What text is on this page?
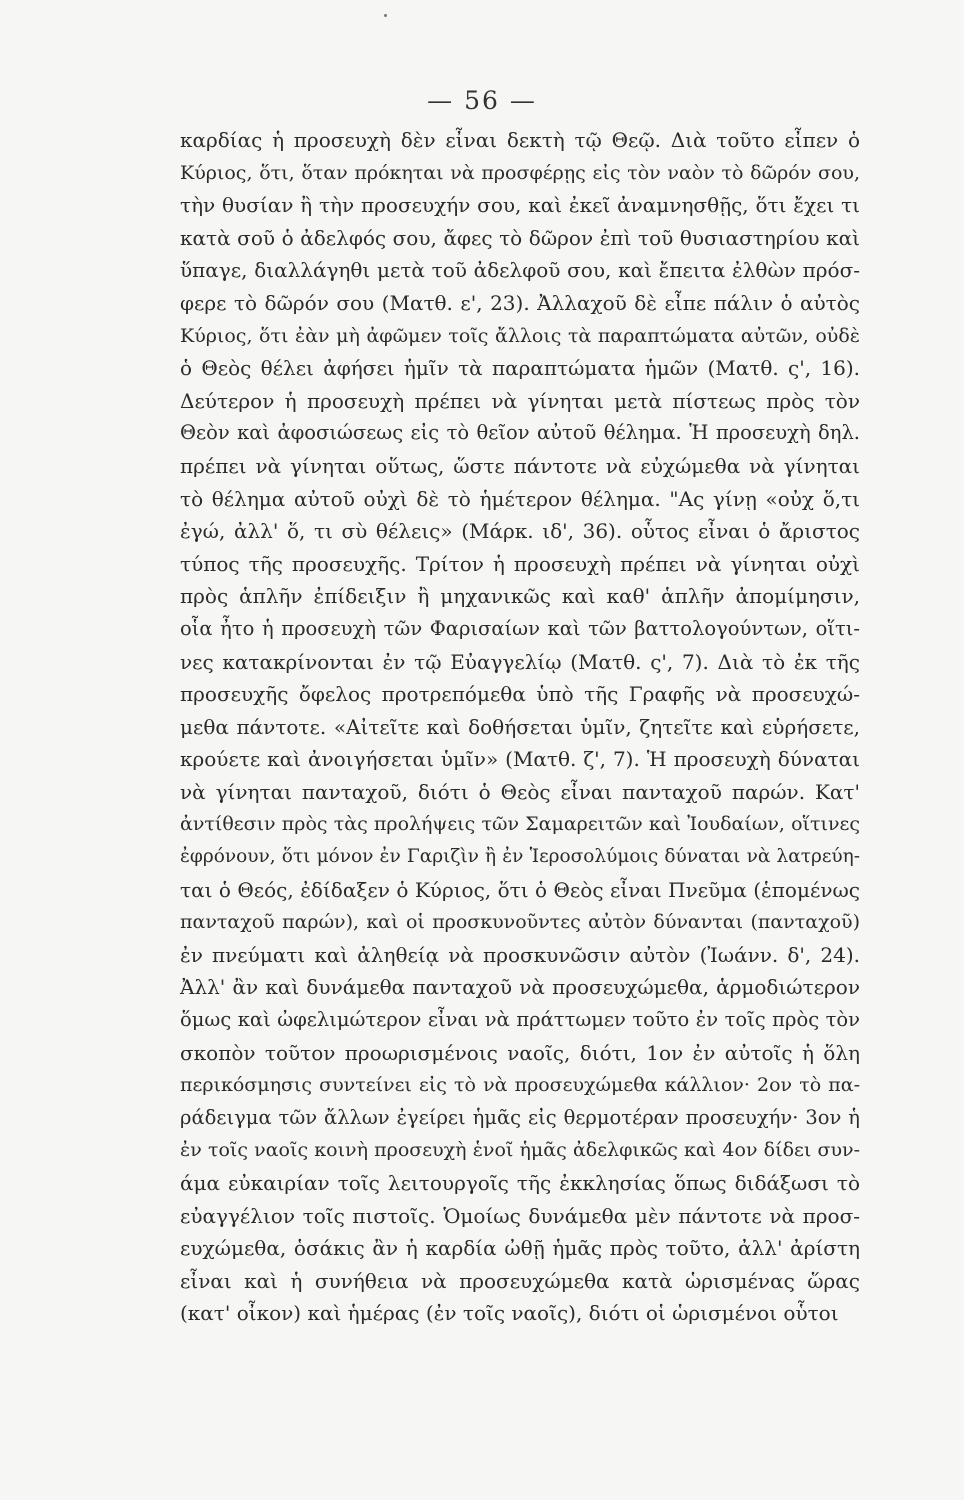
— 56 —
καρδίας ἡ προσευχὴ δὲν εἶναι δεκτὴ τῷ Θεῷ. Διὰ τοῦτο εἶπεν ὁ
Κύριος, ὅτι, ὅταν πρόκηται νὰ προσφέρῃς εἰς τὸν ναὸν τὸ δῶρόν σου,
τὴν θυσίαν ἢ τὴν προσευχήν σου, καὶ ἐκεῖ ἀναμνησθῇς, ὅτι ἔχει τι
κατὰ σοῦ ὁ ἀδελφός σου, ἄφες τὸ δῶρον ἐπὶ τοῦ θυσιαστηρίου καὶ
ὕπαγε, διαλλάγηθι μετὰ τοῦ ἀδελφοῦ σου, καὶ ἔπειτα ἐλθὼν πρόσ-
φερε τὸ δῶρόν σου (Ματθ. ε', 23). Ἀλλαχοῦ δὲ εἶπε πάλιν ὁ αὐτὸς
Κύριος, ὅτι ἐὰν μὴ ἀφῶμεν τοῖς ἄλλοις τὰ παραπτώματα αὐτῶν, οὐδὲ
ὁ Θεὸς θέλει ἀφήσει ἡμῖν τὰ παραπτώματα ἡμῶν (Ματθ. ς', 16).
Δεύτερον ἡ προσευχὴ πρέπει νὰ γίνηται μετὰ πίστεως πρὸς τὸν
Θεὸν καὶ ἀφοσιώσεως εἰς τὸ θεῖον αὐτοῦ θέλημα. Ἡ προσευχὴ δηλ.
πρέπει νὰ γίνηται οὕτως, ὥστε πάντοτε νὰ εὐχώμεθα νὰ γίνηται
τὸ θέλημα αὐτοῦ οὐχὶ δὲ τὸ ἡμέτερον θέλημα. "Ας γίνῃ «οὐχ ὅ,τι
ἐγώ, ἀλλ' ὅ, τι σὺ θέλεις» (Μάρκ. ιδ', 36). οὗτος εἶναι ὁ ἄριστος
τύπος τῆς προσευχῆς. Τρίτον ἡ προσευχὴ πρέπει νὰ γίνηται οὐχὶ
πρὸς ἁπλῆν ἐπίδειξιν ἢ μηχανικῶς καὶ καθ' ἁπλῆν ἀπομίμησιν,
οἷα ἦτο ἡ προσευχὴ τῶν Φαρισαίων καὶ τῶν βαττολογούντων, οἵτι-
νες κατακρίνονται ἐν τῷ Εὐαγγελίῳ (Ματθ. ς', 7). Διὰ τὸ ἐκ τῆς
προσευχῆς ὄφελος προτρεπόμεθα ὑπὸ τῆς Γραφῆς νὰ προσευχώ-
μεθα πάντοτε. «Αἰτεῖτε καὶ δοθήσεται ὑμῖν, ζητεῖτε καὶ εὑρήσετε,
κρούετε καὶ ἀνοιγήσεται ὑμῖν» (Ματθ. ζ', 7). Ἡ προσευχὴ δύναται
νὰ γίνηται πανταχοῦ, διότι ὁ Θεὸς εἶναι πανταχοῦ παρών. Κατ'
ἀντίθεσιν πρὸς τὰς προλήψεις τῶν Σαμαρειτῶν καὶ Ἰουδαίων, οἵτινες
ἐφρόνουν, ὅτι μόνον ἐν Γαριζὶν ἢ ἐν Ἱεροσολύμοις δύναται νὰ λατρεύη-
ται ὁ Θεός, ἐδίδαξεν ὁ Κύριος, ὅτι ὁ Θεὸς εἶναι Πνεῦμα (ἑπομένως
πανταχοῦ παρών), καὶ οἱ προσκυνοῦντες αὐτὸν δύνανται (πανταχοῦ)
ἐν πνεύματι καὶ ἀληθείᾳ νὰ προσκυνῶσιν αὐτὸν (Ἰωάνν. δ', 24).
Ἀλλ' ἂν καὶ δυνάμεθα πανταχοῦ νὰ προσευχώμεθα, ἁρμοδιώτερον
ὅμως καὶ ὠφελιμώτερον εἶναι νὰ πράττωμεν τοῦτο ἐν τοῖς πρὸς τὸν
σκοπὸν τοῦτον προωρισμένοις ναοῖς, διότι, 1ον ἐν αὐτοῖς ἡ ὅλη
περικόσμησις συντείνει εἰς τὸ νὰ προσευχώμεθα κάλλιον· 2ον τὸ πα-
ράδειγμα τῶν ἄλλων ἐγείρει ἡμᾶς εἰς θερμοτέραν προσευχήν· 3ον ἡ
ἐν τοῖς ναοῖς κοινὴ προσευχὴ ἑνοῖ ἡμᾶς ἀδελφικῶς καὶ 4ον δίδει συν-
άμα εὐκαιρίαν τοῖς λειτουργοῖς τῆς ἐκκλησίας ὅπως διδάξωσι τὸ
εὐαγγέλιον τοῖς πιστοῖς. Ὁμοίως δυνάμεθα μὲν πάντοτε νὰ προσ-
ευχώμεθα, ὁσάκις ἂν ἡ καρδία ὠθῇ ἡμᾶς πρὸς τοῦτο, ἀλλ' ἀρίστη
εἶναι καὶ ἡ συνήθεια νὰ προσευχώμεθα κατὰ ὡρισμένας ὥρας
(κατ' οἶκον) καὶ ἡμέρας (ἐν τοῖς ναοῖς), διότι οἱ ὡρισμένοι οὗτοι
